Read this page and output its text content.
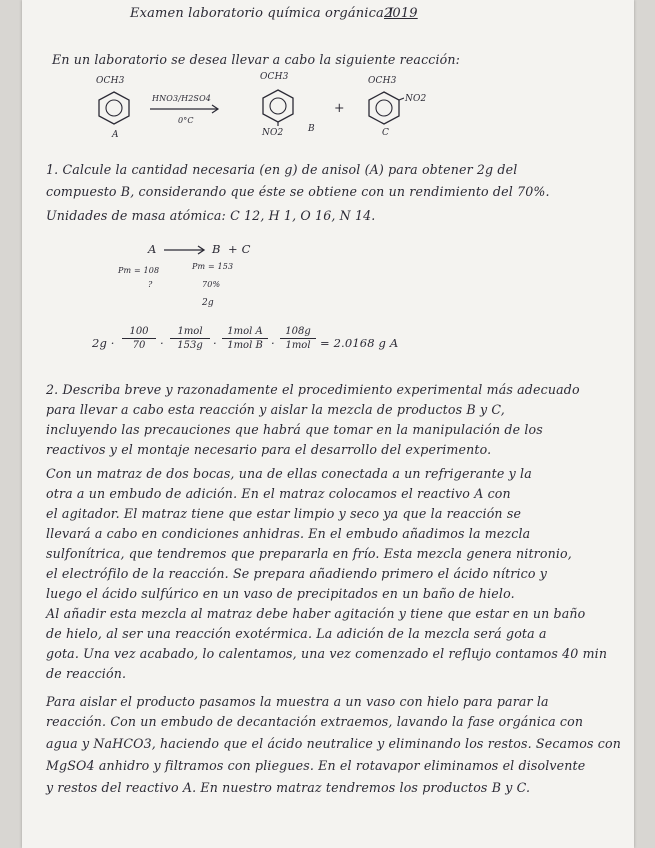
Examen laboratorio química orgánica I
2019
En un laboratorio se desea llevar a cabo la siguiente reacción:
OCH3
A
HNO3/H2SO4
0°C
OCH3
NO2	B
+
OCH3
NO2
C
1. Calcule la cantidad necesaria (en g) de anisol (A) para obtener 2g del
compuesto B, considerando que éste se obtiene con un rendimiento del 70%.
Unidades de masa atómica: C 12, H 1, O 16, N 14.
A	B + C
Pm = 108	Pm = 153
?	70%
2g
2g ·
100
70	·
1mol
153g ·
1mol A
1mol B ·
108g
1mol = 2.0168 g A
2. Describa breve y razonadamente el procedimiento experimental más adecuado
para llevar a cabo esta reacción y aislar la mezcla de productos B y C,
incluyendo las precauciones que habrá que tomar en la manipulación de los
reactivos y el montaje necesario para el desarrollo del experimento.
Con un matraz de dos bocas, una de ellas conectada a un refrigerante y la
otra a un embudo de adición. En el matraz colocamos el reactivo A con
el agitador. El matraz tiene que estar limpio y seco ya que la reacción se
llevará a cabo en condiciones anhidras. En el embudo añadimos la mezcla
sulfonítrica, que tendremos que prepararla en frío. Esta mezcla genera nitronio,
el electrófilo de la reacción. Se prepara añadiendo primero el ácido nítrico y
luego el ácido sulfúrico en un vaso de precipitados en un baño de hielo.
Al añadir esta mezcla al matraz debe haber agitación y tiene que estar en un baño
de hielo, al ser una reacción exotérmica. La adición de la mezcla será gota a
gota. Una vez acabado, lo calentamos, una vez comenzado el reflujo contamos 40 min
de reacción.
Para aislar el producto pasamos la muestra a un vaso con hielo para parar la
reacción. Con un embudo de decantación extraemos, lavando la fase orgánica con
agua y NaHCO3, haciendo que el ácido neutralice y eliminando los restos. Secamos con
MgSO4 anhidro y filtramos con pliegues. En el rotavapor eliminamos el disolvente
y restos del reactivo A. En nuestro matraz tendremos los productos B y C.
